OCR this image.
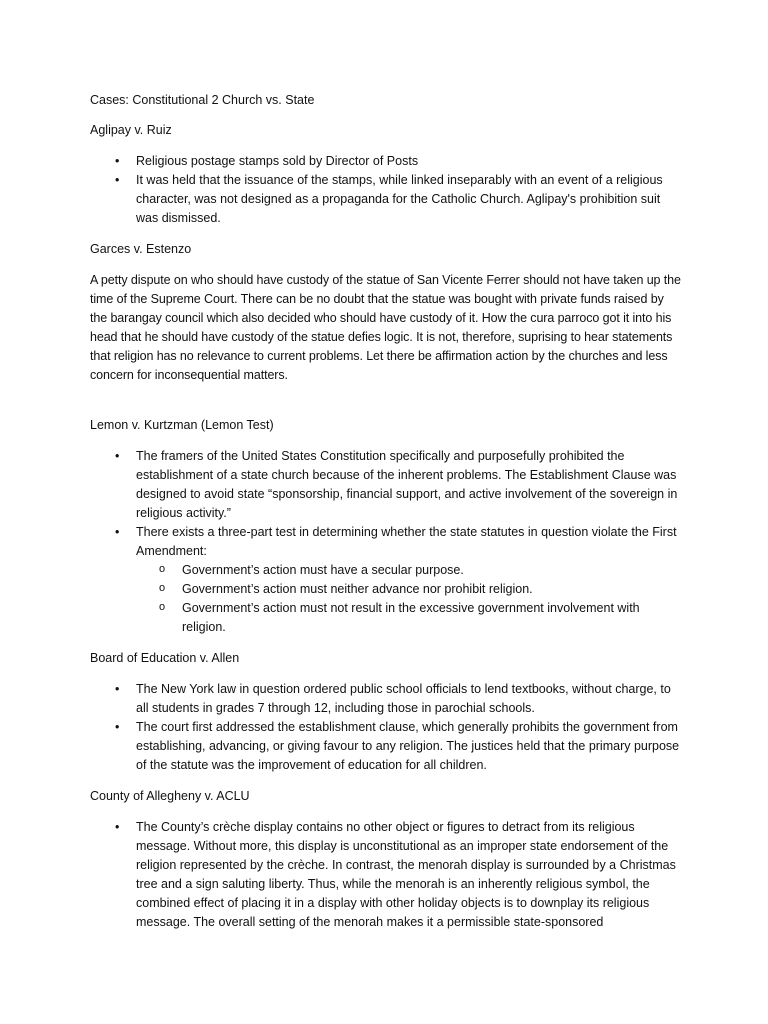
Cases: Constitutional 2 Church vs. State
Aglipay v. Ruiz
• Religious postage stamps sold by Director of Posts
• It was held that the issuance of the stamps, while linked inseparably with an event of a religious character, was not designed as a propaganda for the Catholic Church. Aglipay's prohibition suit was dismissed.
Garces v. Estenzo
A petty dispute on who should have custody of the statue of San Vicente Ferrer should not have taken up the time of the Supreme Court. There can be no doubt that the statue was bought with private funds raised by the barangay council which also decided who should have custody of it. How the cura parroco got it into his head that he should have custody of the statue defies logic. It is not, therefore, suprising to hear statements that religion has no relevance to current problems. Let there be affirmation action by the churches and less concern for inconsequential matters.
Lemon v. Kurtzman (Lemon Test)
• The framers of the United States Constitution specifically and purposefully prohibited the establishment of a state church because of the inherent problems. The Establishment Clause was designed to avoid state “sponsorship, financial support, and active involvement of the sovereign in religious activity.”
• There exists a three-part test in determining whether the state statutes in question violate the First Amendment:
o Government’s action must have a secular purpose.
o Government’s action must neither advance nor prohibit religion.
o Government’s action must not result in the excessive government involvement with religion.
Board of Education v. Allen
• The New York law in question ordered public school officials to lend textbooks, without charge, to all students in grades 7 through 12, including those in parochial schools.
• The court first addressed the establishment clause, which generally prohibits the government from establishing, advancing, or giving favour to any religion. The justices held that the primary purpose of the statute was the improvement of education for all children.
County of Allegheny v. ACLU
• The County’s crèche display contains no other object or figures to detract from its religious message. Without more, this display is unconstitutional as an improper state endorsement of the religion represented by the crèche. In contrast, the menorah display is surrounded by a Christmas tree and a sign saluting liberty. Thus, while the menorah is an inherently religious symbol, the combined effect of placing it in a display with other holiday objects is to downplay its religious message. The overall setting of the menorah makes it a permissible state-sponsored
